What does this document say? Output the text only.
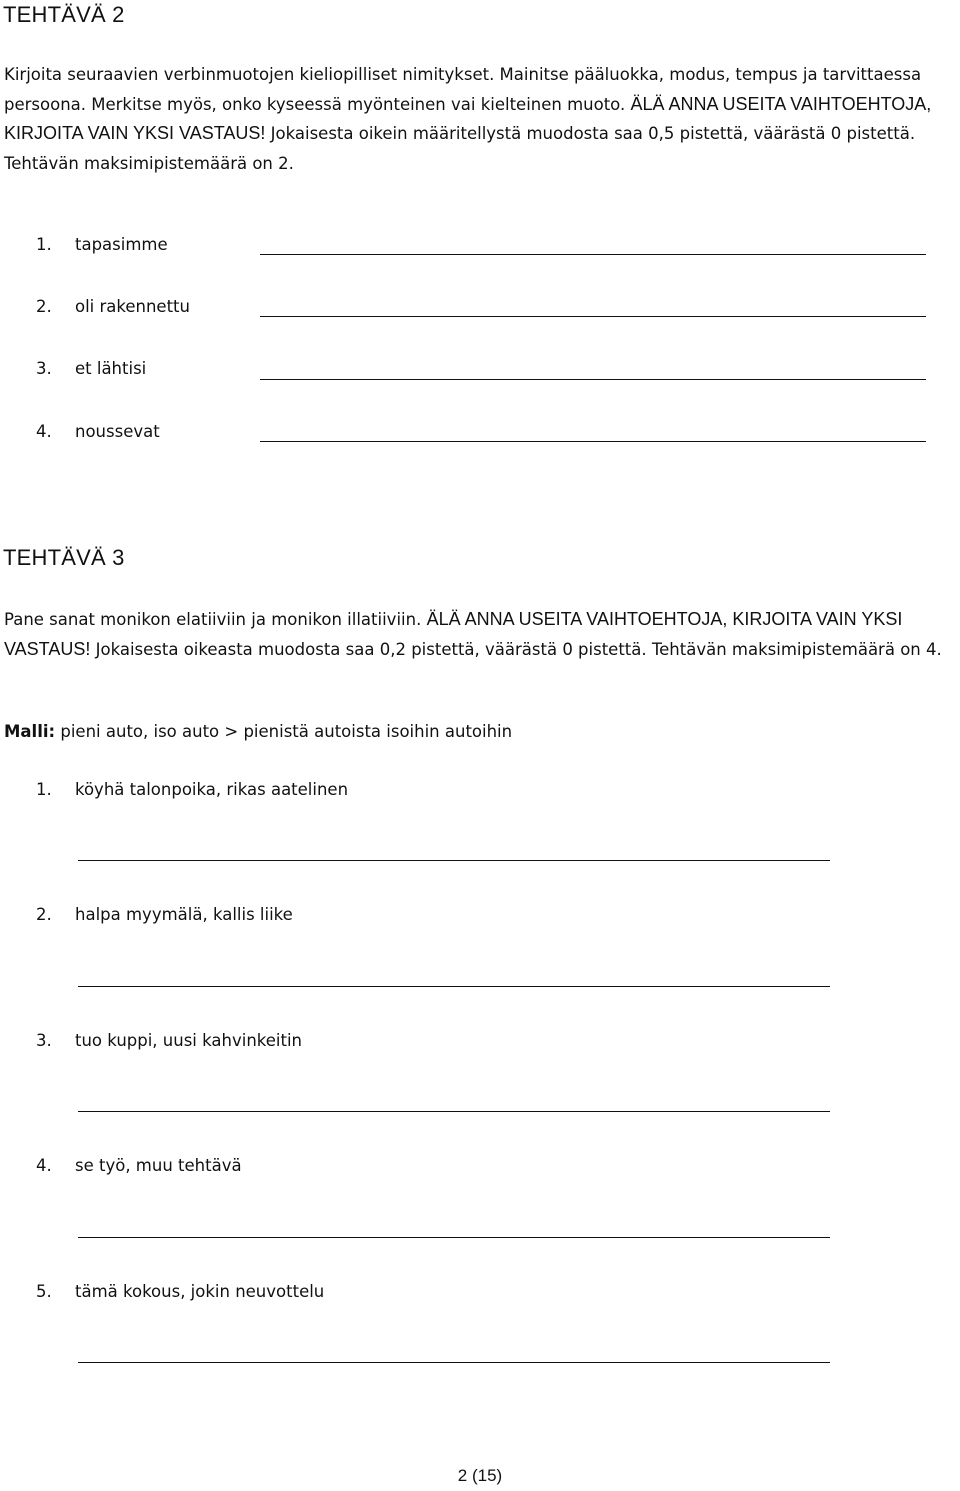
TEHTÄVÄ 2

Kirjoita seuraavien verbinmuotojen kieliopilliset nimitykset. Mainitse pääluokka, modus, tempus ja tarvittaessa persoona. Merkitse myös, onko kyseessä myönteinen vai kielteinen muoto. ÄLÄ ANNA USEITA VAIHTOEHTOJA, KIRJOITA VAIN YKSI VASTAUS! Jokaisesta oikein määritellystä muodosta saa 0,5 pistettä, väärästä 0 pistettä. Tehtävän maksimipistemäärä on 2.

1.	tapasimme
2.	oli rakennettu
3.	et lähtisi
4.	noussevat
TEHTÄVÄ 3

Pane sanat monikon elatiiviin ja monikon illatiiviin. ÄLÄ ANNA USEITA VAIHTOEHTOJA, KIRJOITA VAIN YKSI VASTAUS! Jokaisesta oikeasta muodosta saa 0,2 pistettä, väärästä 0 pistettä. Tehtävän maksimipistemäärä on 4.

Malli: pieni auto, iso auto > pienistä autoista isoihin autoihin
1.	köyhä talonpoika, rikas aatelinen
2.	halpa myymälä, kallis liike
3.	tuo kuppi, uusi kahvinkeitin
4.	se työ, muu tehtävä
5.	tämä kokous, jokin neuvottelu
2 (15)
